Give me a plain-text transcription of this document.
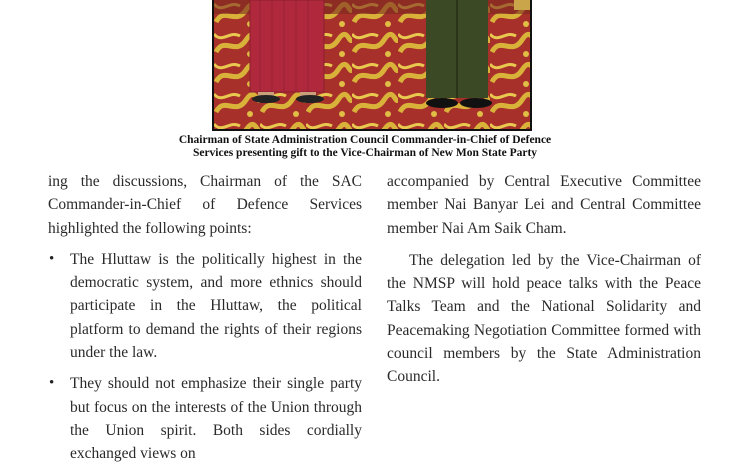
Chairman of State Administration Council Commander-in-Chief of Defence
Services presenting gift to the Vice-Chairman of New Mon State Party

ing the discussions, Chairman of the SAC Commander-in-Chief of Defence Services highlighted the following points:

• The Hluttaw is the politically highest in the democratic system, and more ethnics should participate in the Hluttaw, the political platform to demand the rights of their regions under the law.
• They should not emphasize their single party but focus on the interests of the Union through the Union spirit. Both sides cordially exchanged views on

accompanied by Central Executive Committee member Nai Banyar Lei and Central Committee member Nai Am Saik Cham.

The delegation led by the Vice-Chairman of the NMSP will hold peace talks with the Peace Talks Team and the National Solidarity and Peacemaking Negotiation Committee formed with council members by the State Administration Council.
